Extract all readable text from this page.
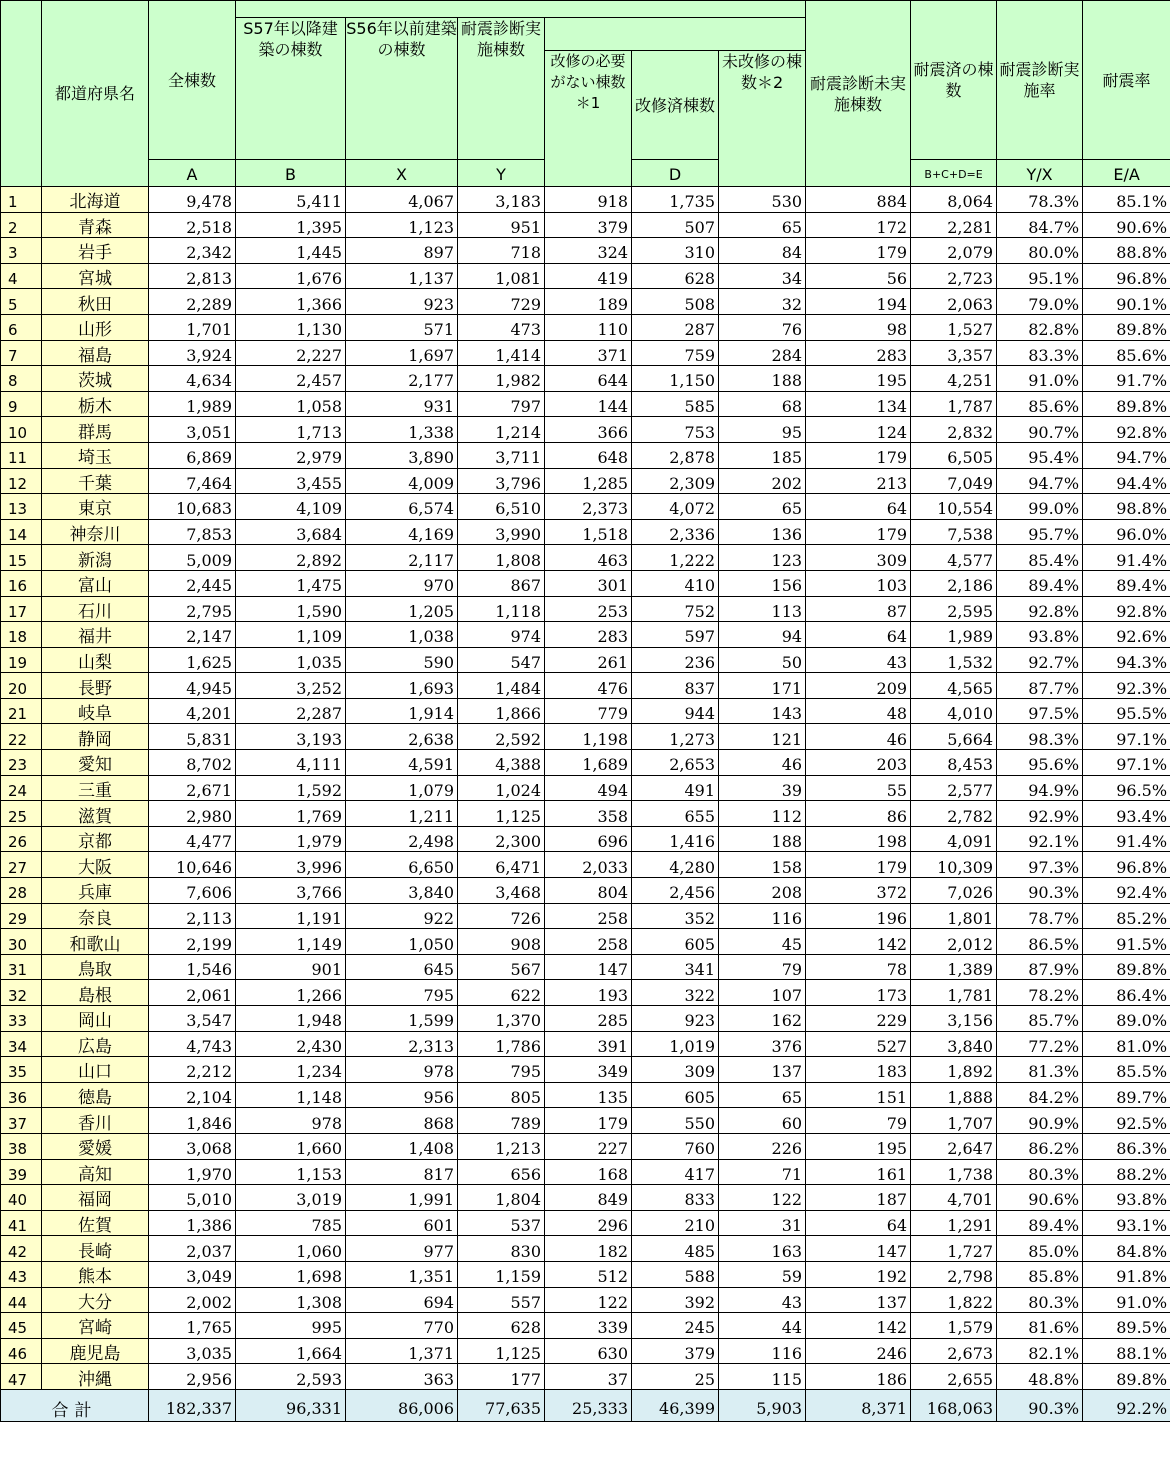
	都道府県名	全棟数							耐震診断未実施棟数	耐震済の棟数	耐震診断実施率	耐震率
			S57年以降建築の棟数	S56年以前建築の棟数	耐震診断実施棟数							
						改修の必要がない棟数＊1	改修済棟数	未改修の棟数＊2				
		A	B	X	Y		D			B+C+D=E	Y/X	E/A
1	北海道	9,478	5,411	4,067	3,183	918	1,735	530	884	8,064	78.3%	85.1%
2	青森	2,518	1,395	1,123	951	379	507	65	172	2,281	84.7%	90.6%
3	岩手	2,342	1,445	897	718	324	310	84	179	2,079	80.0%	88.8%
4	宮城	2,813	1,676	1,137	1,081	419	628	34	56	2,723	95.1%	96.8%
5	秋田	2,289	1,366	923	729	189	508	32	194	2,063	79.0%	90.1%
6	山形	1,701	1,130	571	473	110	287	76	98	1,527	82.8%	89.8%
7	福島	3,924	2,227	1,697	1,414	371	759	284	283	3,357	83.3%	85.6%
8	茨城	4,634	2,457	2,177	1,982	644	1,150	188	195	4,251	91.0%	91.7%
9	栃木	1,989	1,058	931	797	144	585	68	134	1,787	85.6%	89.8%
10	群馬	3,051	1,713	1,338	1,214	366	753	95	124	2,832	90.7%	92.8%
11	埼玉	6,869	2,979	3,890	3,711	648	2,878	185	179	6,505	95.4%	94.7%
12	千葉	7,464	3,455	4,009	3,796	1,285	2,309	202	213	7,049	94.7%	94.4%
13	東京	10,683	4,109	6,574	6,510	2,373	4,072	65	64	10,554	99.0%	98.8%
14	神奈川	7,853	3,684	4,169	3,990	1,518	2,336	136	179	7,538	95.7%	96.0%
15	新潟	5,009	2,892	2,117	1,808	463	1,222	123	309	4,577	85.4%	91.4%
16	富山	2,445	1,475	970	867	301	410	156	103	2,186	89.4%	89.4%
17	石川	2,795	1,590	1,205	1,118	253	752	113	87	2,595	92.8%	92.8%
18	福井	2,147	1,109	1,038	974	283	597	94	64	1,989	93.8%	92.6%
19	山梨	1,625	1,035	590	547	261	236	50	43	1,532	92.7%	94.3%
20	長野	4,945	3,252	1,693	1,484	476	837	171	209	4,565	87.7%	92.3%
21	岐阜	4,201	2,287	1,914	1,866	779	944	143	48	4,010	97.5%	95.5%
22	静岡	5,831	3,193	2,638	2,592	1,198	1,273	121	46	5,664	98.3%	97.1%
23	愛知	8,702	4,111	4,591	4,388	1,689	2,653	46	203	8,453	95.6%	97.1%
24	三重	2,671	1,592	1,079	1,024	494	491	39	55	2,577	94.9%	96.5%
25	滋賀	2,980	1,769	1,211	1,125	358	655	112	86	2,782	92.9%	93.4%
26	京都	4,477	1,979	2,498	2,300	696	1,416	188	198	4,091	92.1%	91.4%
27	大阪	10,646	3,996	6,650	6,471	2,033	4,280	158	179	10,309	97.3%	96.8%
28	兵庫	7,606	3,766	3,840	3,468	804	2,456	208	372	7,026	90.3%	92.4%
29	奈良	2,113	1,191	922	726	258	352	116	196	1,801	78.7%	85.2%
30	和歌山	2,199	1,149	1,050	908	258	605	45	142	2,012	86.5%	91.5%
31	鳥取	1,546	901	645	567	147	341	79	78	1,389	87.9%	89.8%
32	島根	2,061	1,266	795	622	193	322	107	173	1,781	78.2%	86.4%
33	岡山	3,547	1,948	1,599	1,370	285	923	162	229	3,156	85.7%	89.0%
34	広島	4,743	2,430	2,313	1,786	391	1,019	376	527	3,840	77.2%	81.0%
35	山口	2,212	1,234	978	795	349	309	137	183	1,892	81.3%	85.5%
36	徳島	2,104	1,148	956	805	135	605	65	151	1,888	84.2%	89.7%
37	香川	1,846	978	868	789	179	550	60	79	1,707	90.9%	92.5%
38	愛媛	3,068	1,660	1,408	1,213	227	760	226	195	2,647	86.2%	86.3%
39	高知	1,970	1,153	817	656	168	417	71	161	1,738	80.3%	88.2%
40	福岡	5,010	3,019	1,991	1,804	849	833	122	187	4,701	90.6%	93.8%
41	佐賀	1,386	785	601	537	296	210	31	64	1,291	89.4%	93.1%
42	長崎	2,037	1,060	977	830	182	485	163	147	1,727	85.0%	84.8%
43	熊本	3,049	1,698	1,351	1,159	512	588	59	192	2,798	85.8%	91.8%
44	大分	2,002	1,308	694	557	122	392	43	137	1,822	80.3%	91.0%
45	宮崎	1,765	995	770	628	339	245	44	142	1,579	81.6%	89.5%
46	鹿児島	3,035	1,664	1,371	1,125	630	379	116	246	2,673	82.1%	88.1%
47	沖縄	2,956	2,593	363	177	37	25	115	186	2,655	48.8%	89.8%
合計		182,337	96,331	86,006	77,635	25,333	46,399	5,903	8,371	168,063	90.3%	92.2%
